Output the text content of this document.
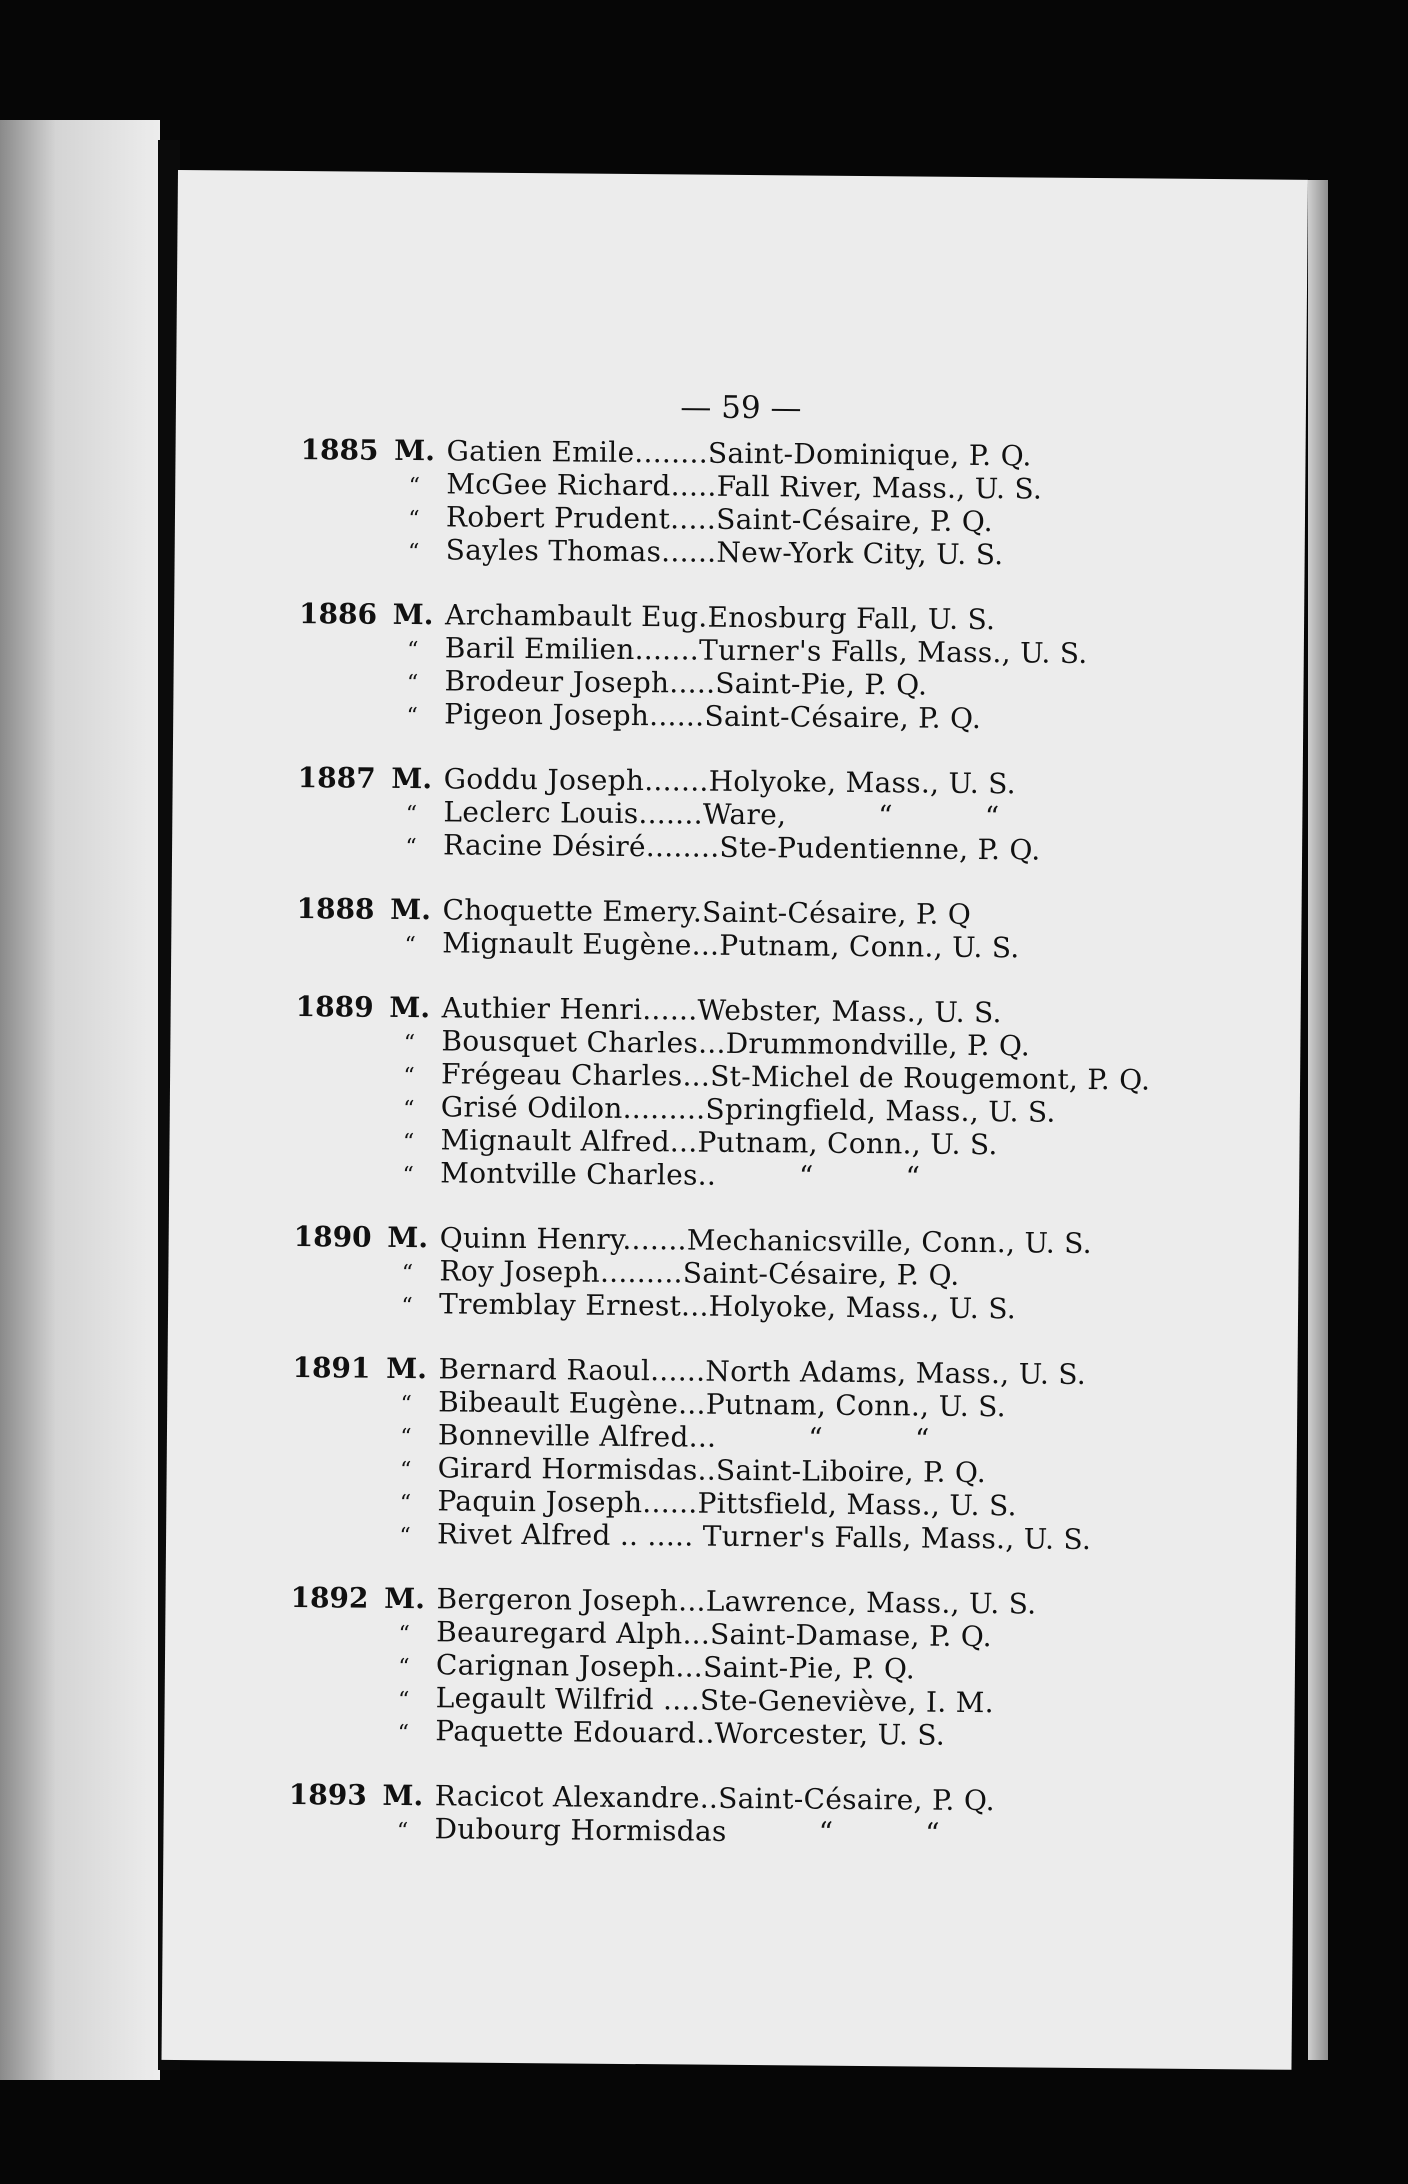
— 59 —
1885 M. Gatien Emile........Saint-Dominique, P. Q.
“ McGee Richard.....Fall River, Mass., U. S.
“ Robert Prudent.....Saint-Césaire, P. Q.
“ Sayles Thomas......New-York City, U. S.
1886 M. Archambault Eug.Enosburg Fall, U. S.
“ Baril Emilien.......Turner's Falls, Mass., U. S.
“ Brodeur Joseph.....Saint-Pie, P. Q.
“ Pigeon Joseph......Saint-Césaire, P. Q.
1887 M. Goddu Joseph.......Holyoke, Mass., U. S.
“ Leclerc Louis.......Ware,          “          “
“ Racine Désiré........Ste-Pudentienne, P. Q.
1888 M. Choquette Emery.Saint-Césaire, P. Q
“ Mignault Eugène...Putnam, Conn., U. S.
1889 M. Authier Henri......Webster, Mass., U. S.
“ Bousquet Charles...Drummondville, P. Q.
“ Frégeau Charles...St-Michel de Rougemont, P. Q.
“ Grisé Odilon.........Springfield, Mass., U. S.
“ Mignault Alfred...Putnam, Conn., U. S.
“ Montville Charles..         “          “
1890 M. Quinn Henry.......Mechanicsville, Conn., U. S.
“ Roy Joseph.........Saint-Césaire, P. Q.
“ Tremblay Ernest...Holyoke, Mass., U. S.
1891 M. Bernard Raoul......North Adams, Mass., U. S.
“ Bibeault Eugène...Putnam, Conn., U. S.
“ Bonneville Alfred...          “          “
“ Girard Hormisdas..Saint-Liboire, P. Q.
“ Paquin Joseph......Pittsfield, Mass., U. S.
“ Rivet Alfred .. ..... Turner's Falls, Mass., U. S.
1892 M. Bergeron Joseph...Lawrence, Mass., U. S.
“ Beauregard Alph...Saint-Damase, P. Q.
“ Carignan Joseph...Saint-Pie, P. Q.
“ Legault Wilfrid ....Ste-Geneviève, I. M.
“ Paquette Edouard..Worcester, U. S.
1893 M. Racicot Alexandre..Saint-Césaire, P. Q.
“ Dubourg Hormisdas          “          “
